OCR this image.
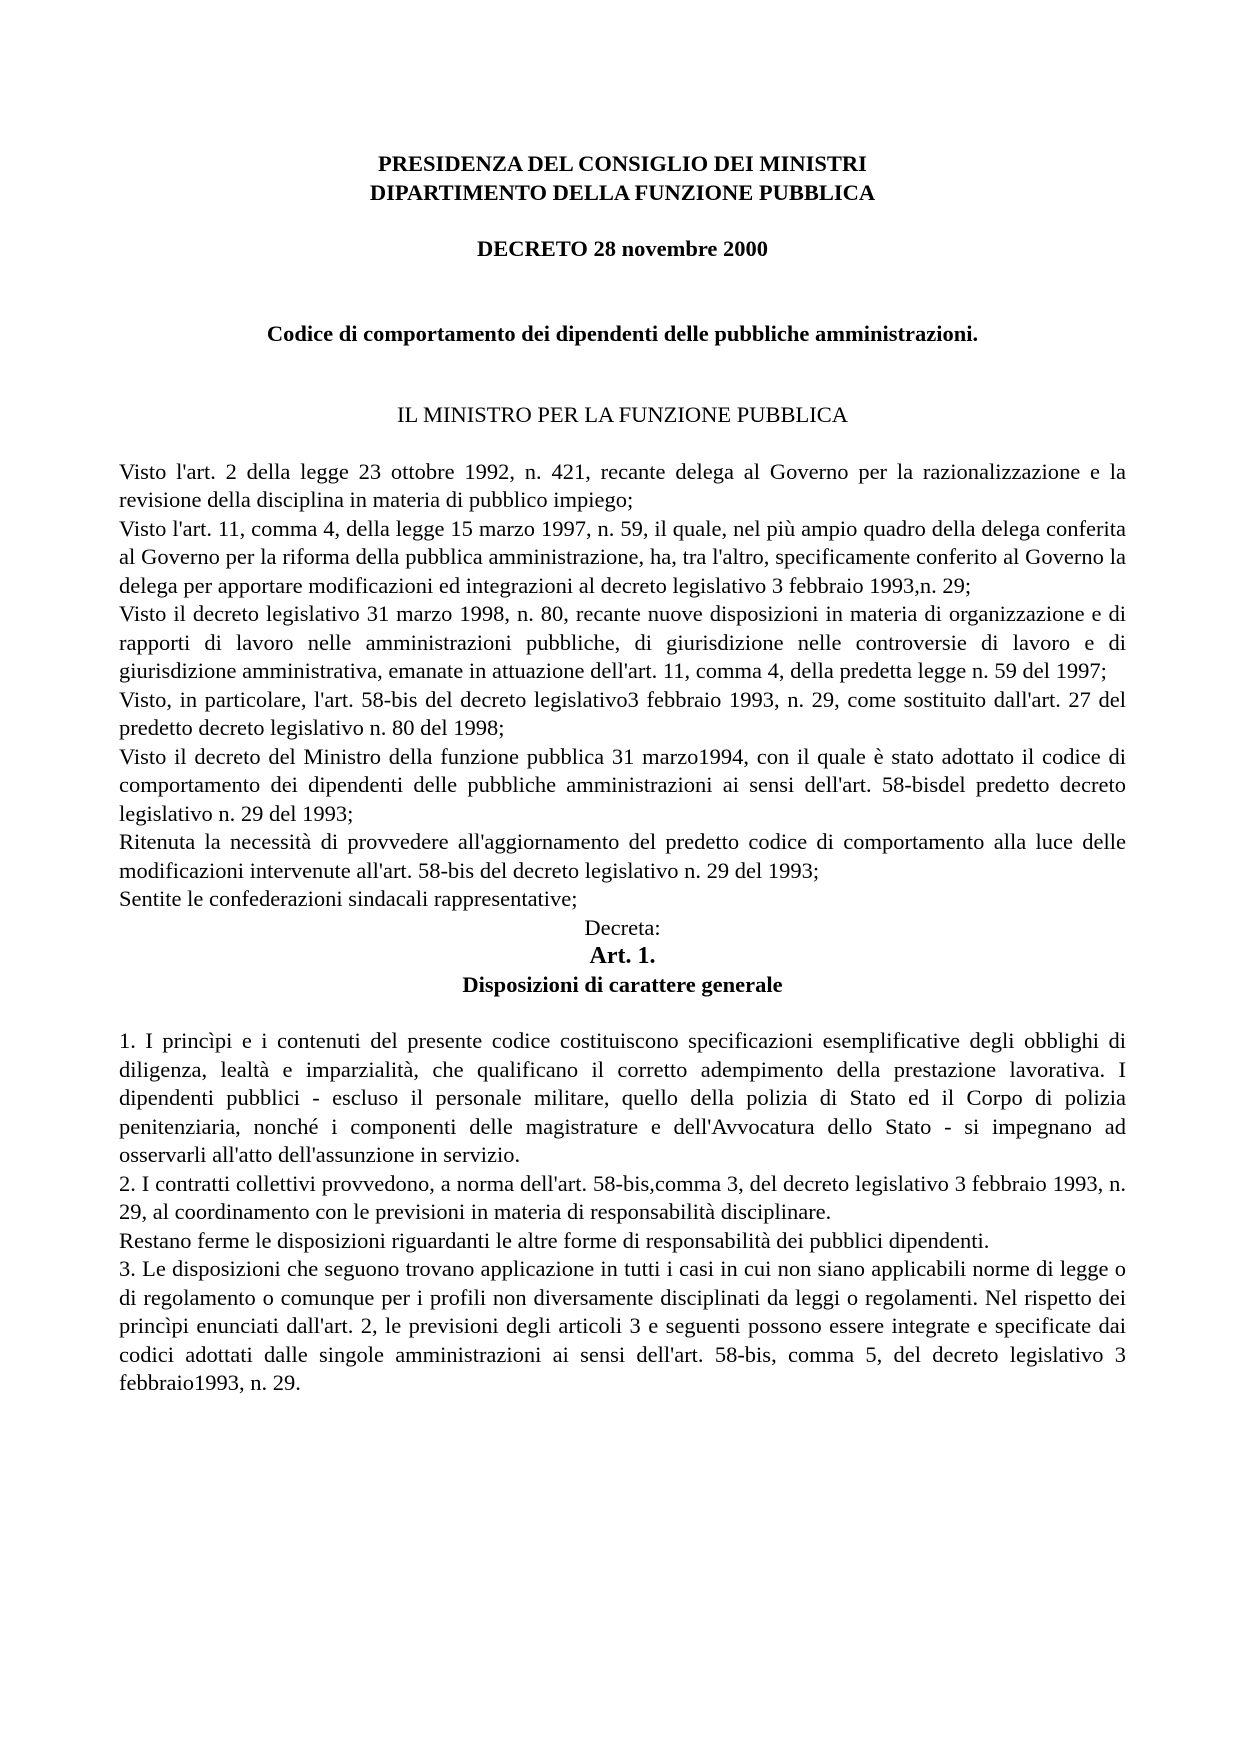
PRESIDENZA DEL CONSIGLIO DEI MINISTRI
DIPARTIMENTO DELLA FUNZIONE PUBBLICA
DECRETO 28 novembre 2000
Codice di comportamento dei dipendenti delle pubbliche amministrazioni.
IL MINISTRO PER LA FUNZIONE PUBBLICA

Visto l'art. 2 della legge 23 ottobre 1992, n. 421, recante delega al Governo per la razionalizzazione e la revisione della disciplina in materia di pubblico impiego;

Visto l'art. 11, comma 4, della legge 15 marzo 1997, n. 59, il quale, nel più ampio quadro della delega conferita al Governo per la riforma della pubblica amministrazione, ha, tra l'altro, specificamente conferito al Governo la delega per apportare modificazioni ed integrazioni al decreto legislativo 3 febbraio 1993,n. 29;

Visto il decreto legislativo 31 marzo 1998, n. 80, recante nuove disposizioni in materia di organizzazione e di rapporti di lavoro nelle amministrazioni pubbliche, di giurisdizione nelle controversie di lavoro e di giurisdizione amministrativa, emanate in attuazione dell'art. 11, comma 4, della predetta legge n. 59 del 1997;

Visto, in particolare, l'art. 58-bis del decreto legislativo3 febbraio 1993, n. 29, come sostituito dall'art. 27 del predetto decreto legislativo n. 80 del 1998;

Visto il decreto del Ministro della funzione pubblica 31 marzo1994, con il quale è stato adottato il codice di comportamento dei dipendenti delle pubbliche amministrazioni ai sensi dell'art. 58-bisdel predetto decreto legislativo n. 29 del 1993;

Ritenuta la necessità di provvedere all'aggiornamento del predetto codice di comportamento alla luce delle modificazioni intervenute all'art. 58-bis del decreto legislativo n. 29 del 1993;

Sentite le confederazioni sindacali rappresentative;

Decreta:

Art. 1.

Disposizioni di carattere generale

1. I princìpi e i contenuti del presente codice costituiscono specificazioni esemplificative degli obblighi di diligenza, lealtà e imparzialità, che qualificano il corretto adempimento della prestazione lavorativa. I dipendenti pubblici - escluso il personale militare, quello della polizia di Stato ed il Corpo di polizia penitenziaria, nonché i componenti delle magistrature e dell'Avvocatura dello Stato - si impegnano ad osservarli all'atto dell'assunzione in servizio.

2. I contratti collettivi provvedono, a norma dell'art. 58-bis,comma 3, del decreto legislativo 3 febbraio 1993, n. 29, al coordinamento con le previsioni in materia di responsabilità disciplinare.

Restano ferme le disposizioni riguardanti le altre forme di responsabilità dei pubblici dipendenti.

3. Le disposizioni che seguono trovano applicazione in tutti i casi in cui non siano applicabili norme di legge o di regolamento o comunque per i profili non diversamente disciplinati da leggi o regolamenti. Nel rispetto dei princìpi enunciati dall'art. 2, le previsioni degli articoli 3 e seguenti possono essere integrate e specificate dai codici adottati dalle singole amministrazioni ai sensi dell'art. 58-bis, comma 5, del decreto legislativo 3 febbraio1993, n. 29.
